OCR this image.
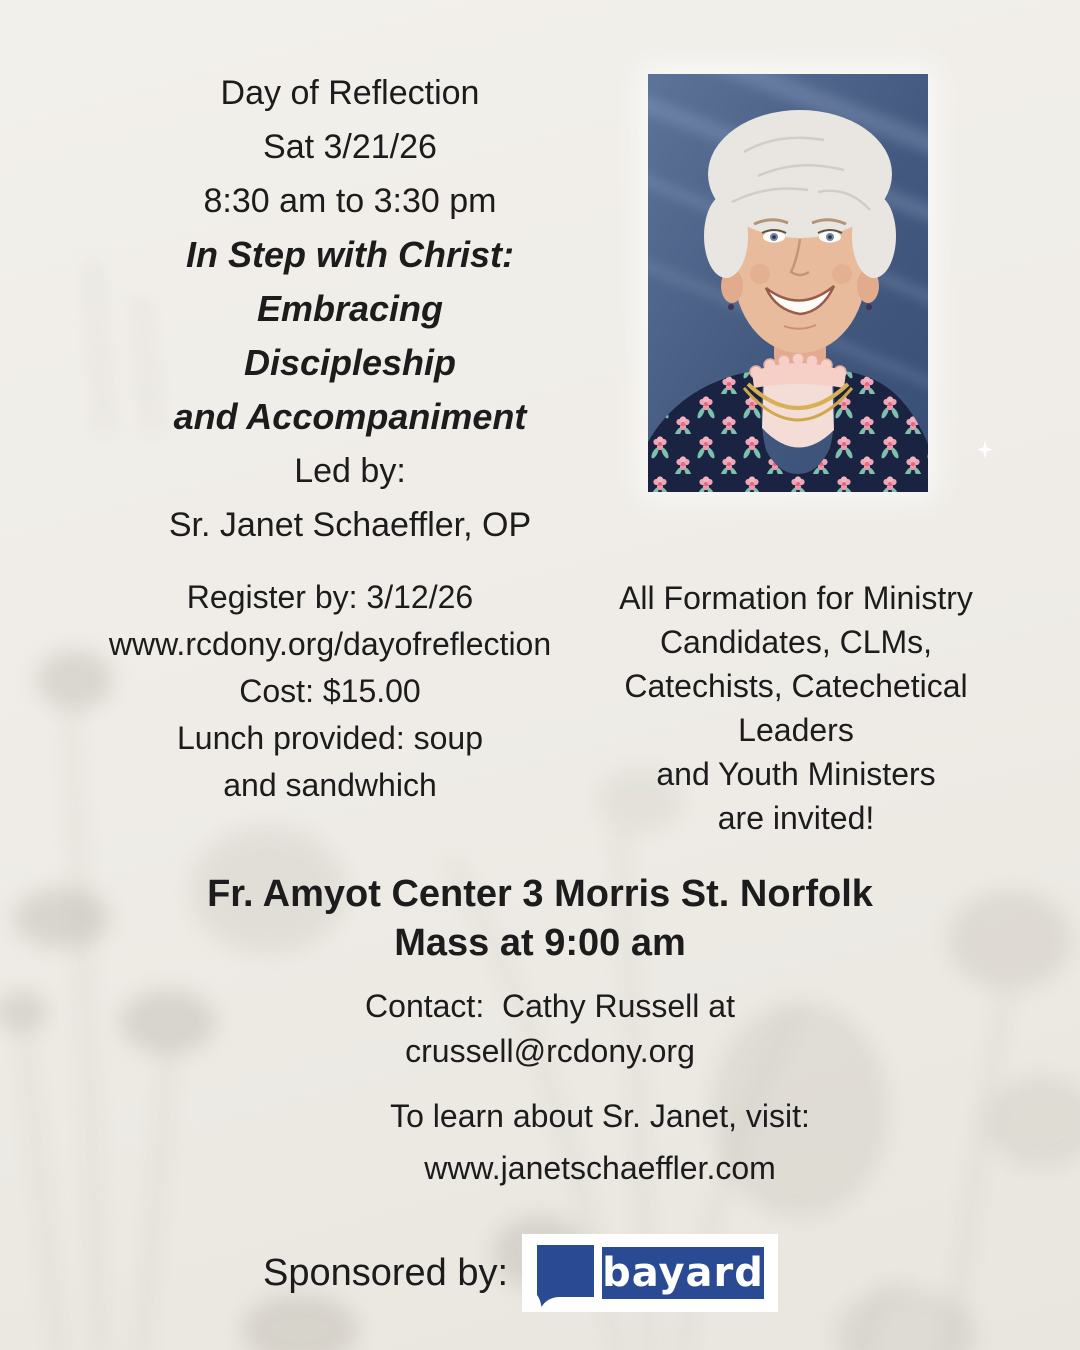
Day of Reflection
Sat 3/21/26
8:30 am to 3:30 pm
In Step with Christ:
Embracing
Discipleship
and Accompaniment
Led by:
Sr. Janet Schaeffler, OP
Register by: 3/12/26
www.rcdony.org/dayofreflection
Cost: $15.00
Lunch provided: soup
and sandwhich
All Formation for Ministry
Candidates, CLMs,
Catechists, Catechetical
Leaders
and Youth Ministers
are invited!
Fr. Amyot Center 3 Morris St. Norfolk
Mass at 9:00 am
Contact:  Cathy Russell at
crussell@rcdony.org
To learn about Sr. Janet, visit:
www.janetschaeffler.com
Sponsored by: bayard
